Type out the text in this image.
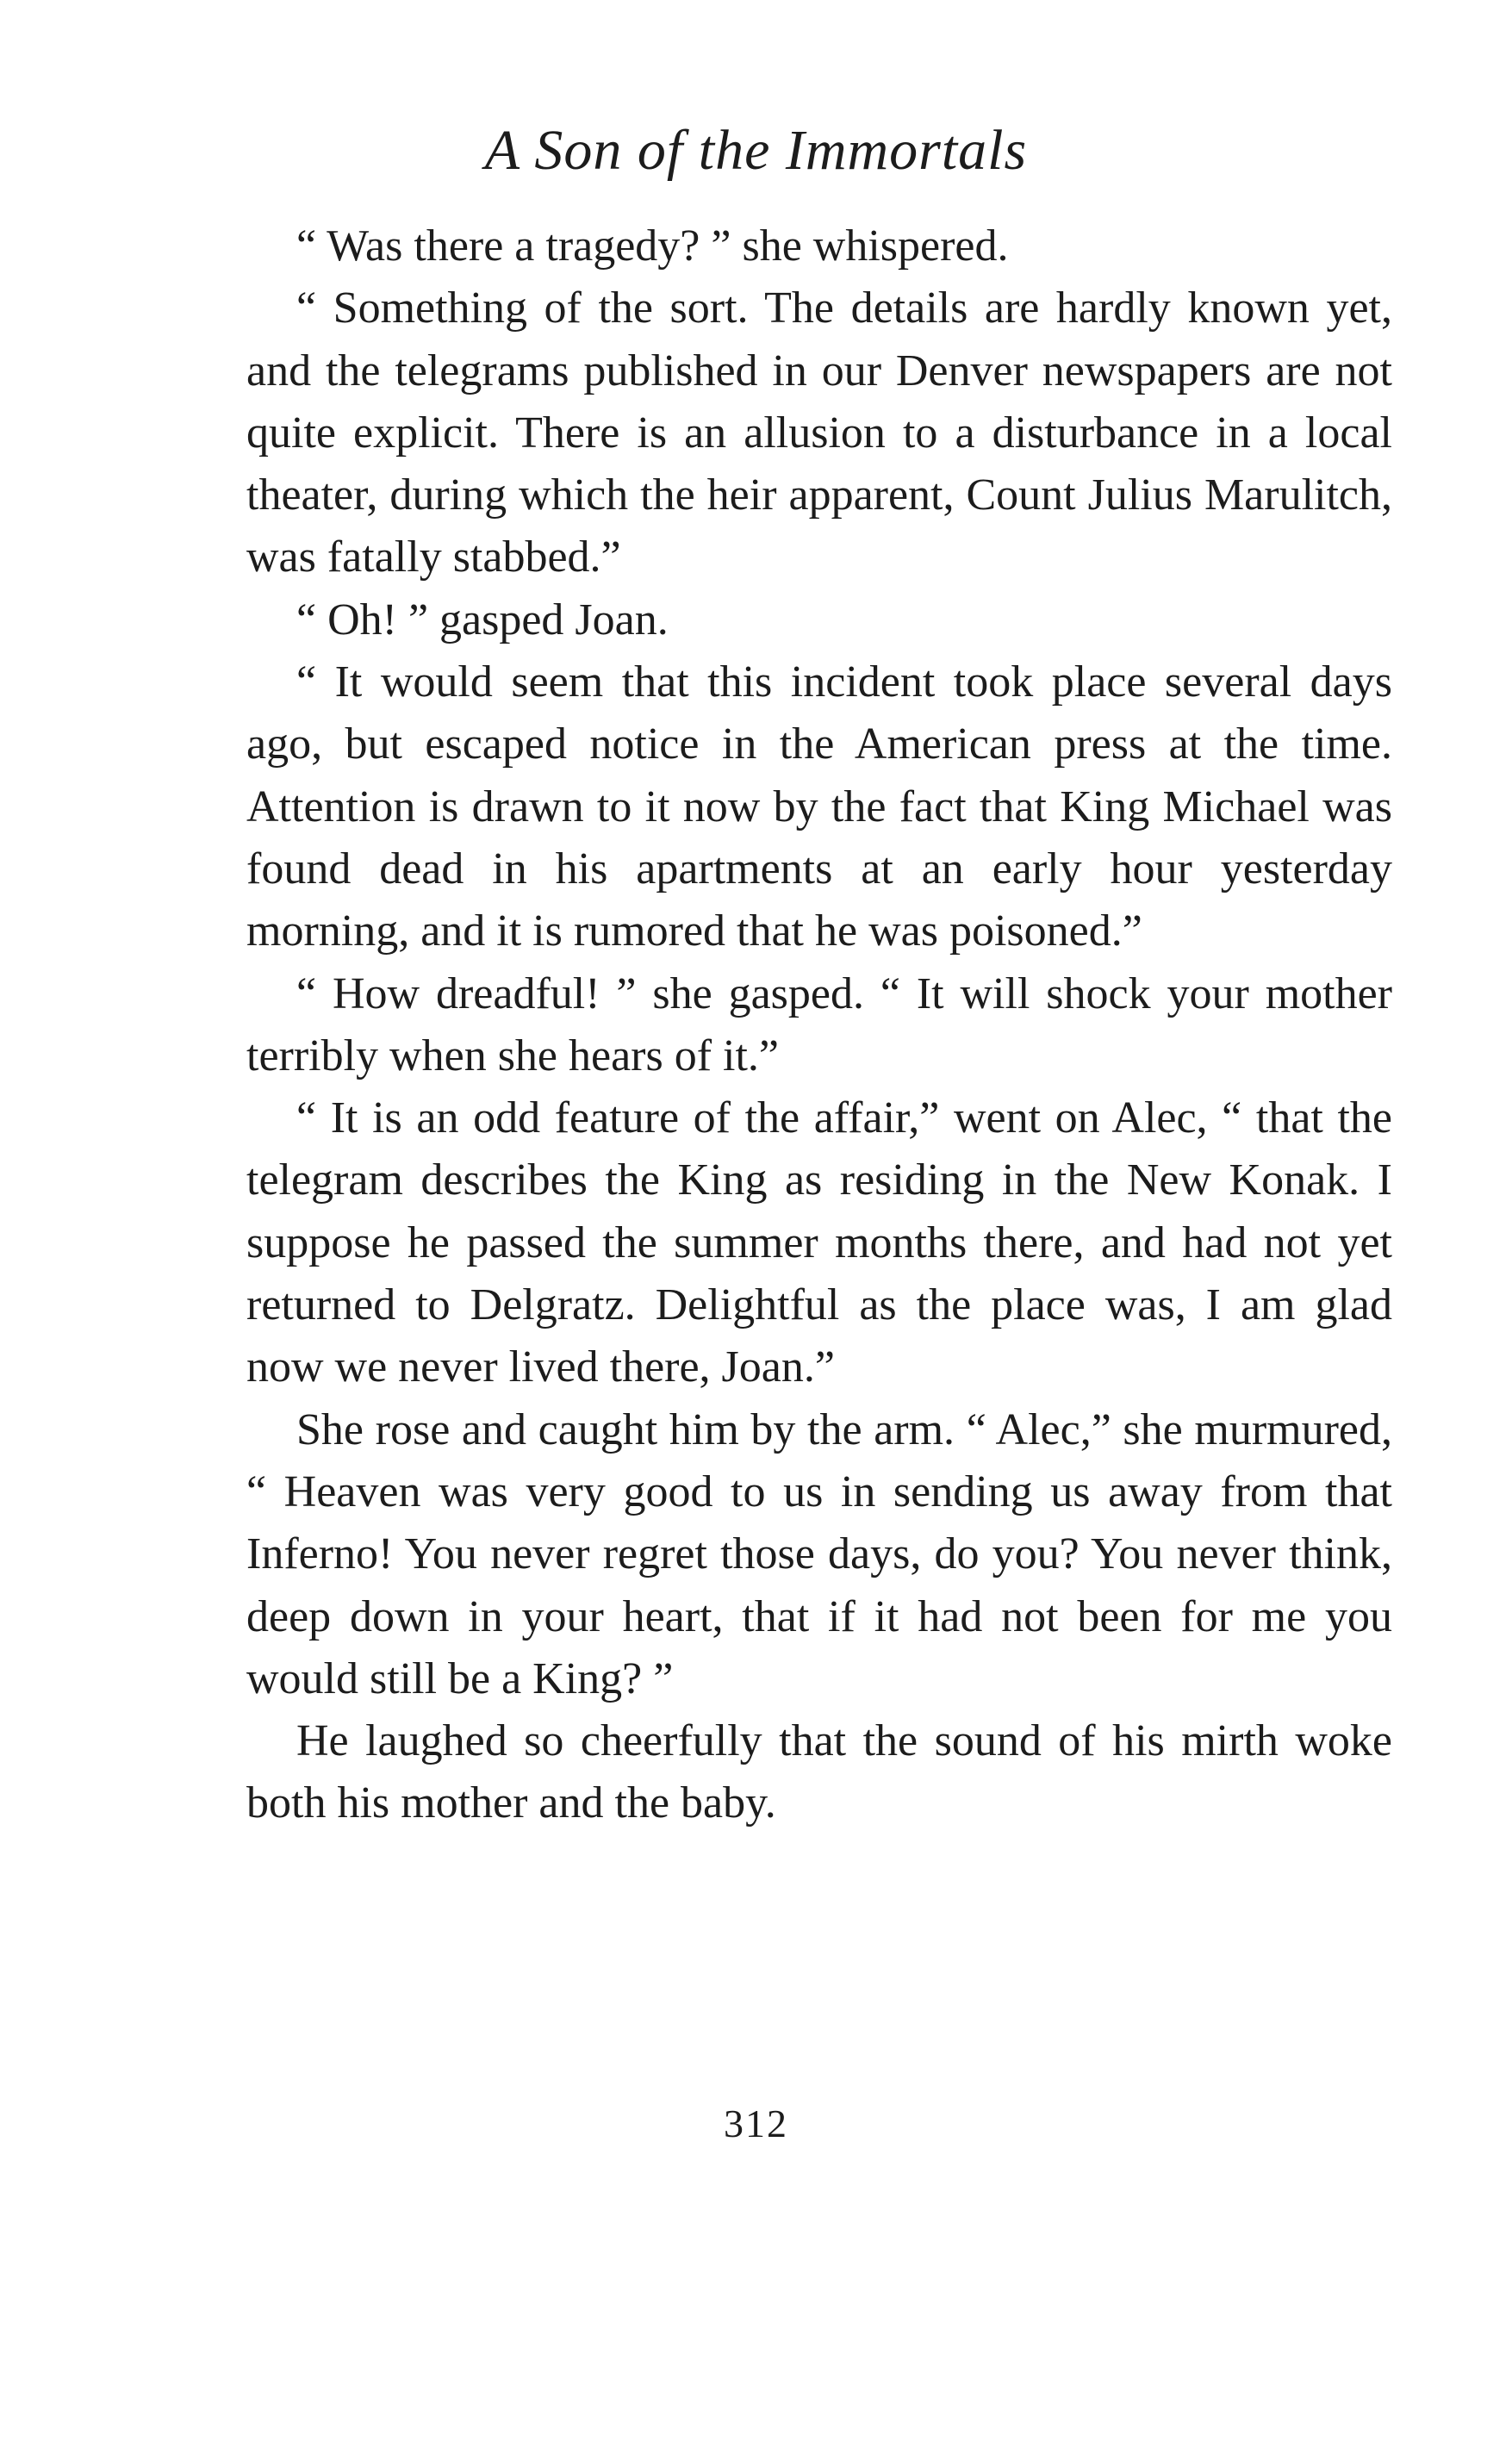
A Son of the Immortals

“ Was there a tragedy? ” she whispered.

“ Something of the sort. The details are hardly known yet, and the telegrams published in our Denver newspapers are not quite explicit. There is an allusion to a disturbance in a local theater, during which the heir apparent, Count Julius Marulitch, was fatally stabbed.”

“ Oh! ” gasped Joan.

“ It would seem that this incident took place several days ago, but escaped notice in the American press at the time. Attention is drawn to it now by the fact that King Michael was found dead in his apartments at an early hour yesterday morning, and it is rumored that he was poisoned.”

“ How dreadful! ” she gasped. “ It will shock your mother terribly when she hears of it.”

“ It is an odd feature of the affair,” went on Alec, “ that the telegram describes the King as residing in the New Konak. I suppose he passed the summer months there, and had not yet returned to Delgratz. Delightful as the place was, I am glad now we never lived there, Joan.”

She rose and caught him by the arm. “ Alec,” she murmured, “ Heaven was very good to us in sending us away from that Inferno! You never regret those days, do you? You never think, deep down in your heart, that if it had not been for me you would still be a King? ”

He laughed so cheerfully that the sound of his mirth woke both his mother and the baby.

312
